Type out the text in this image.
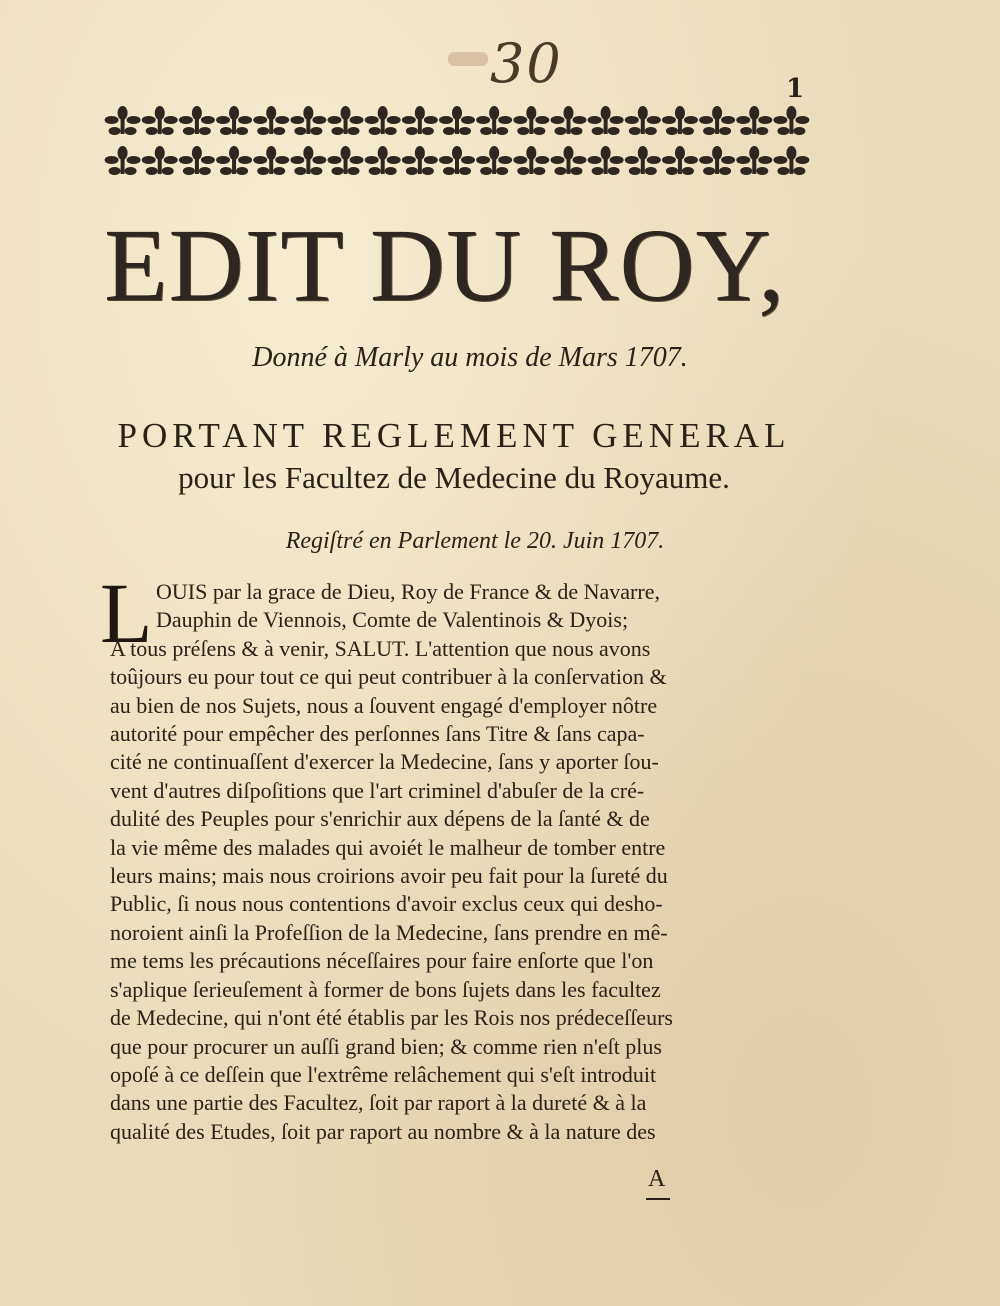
30	1
EDIT DU ROY,
Donné à Marly au mois de Mars 1707.
PORTANT REGLEMENT GENERAL
pour les Facultez de Medecine du Royaume.
Regiſtré en Parlement le 20. Juin 1707.
L OUIS par la grace de Dieu, Roy de France & de Navarre,
Dauphin de Viennois, Comte de Valentinois & Dyois;
A tous préſens & à venir, SALUT. L'attention que nous avons
toûjours eu pour tout ce qui peut contribuer à la conſervation &
au bien de nos Sujets, nous a ſouvent engagé d'employer nôtre
autorité pour empêcher des perſonnes ſans Titre & ſans capa-
cité ne continuaſſent d'exercer la Medecine, ſans y aporter ſou-
vent d'autres diſpoſitions que l'art criminel d'abuſer de la cré-
dulité des Peuples pour s'enrichir aux dépens de la ſanté & de
la vie même des malades qui avoiét le malheur de tomber entre
leurs mains; mais nous croirions avoir peu fait pour la ſureté du
Public, ſi nous nous contentions d'avoir exclus ceux qui desho-
noroient ainſi la Profeſſion de la Medecine, ſans prendre en mê-
me tems les précautions néceſſaires pour faire enſorte que l'on
s'aplique ſerieuſement à former de bons ſujets dans les facultez
de Medecine, qui n'ont été établis par les Rois nos prédeceſſeurs
que pour procurer un auſſi grand bien; & comme rien n'eſt plus
opoſé à ce deſſein que l'extrême relâchement qui s'eſt introduit
dans une partie des Facultez, ſoit par raport à la dureté & à la
qualité des Etudes, ſoit par raport au nombre & à la nature des
A
